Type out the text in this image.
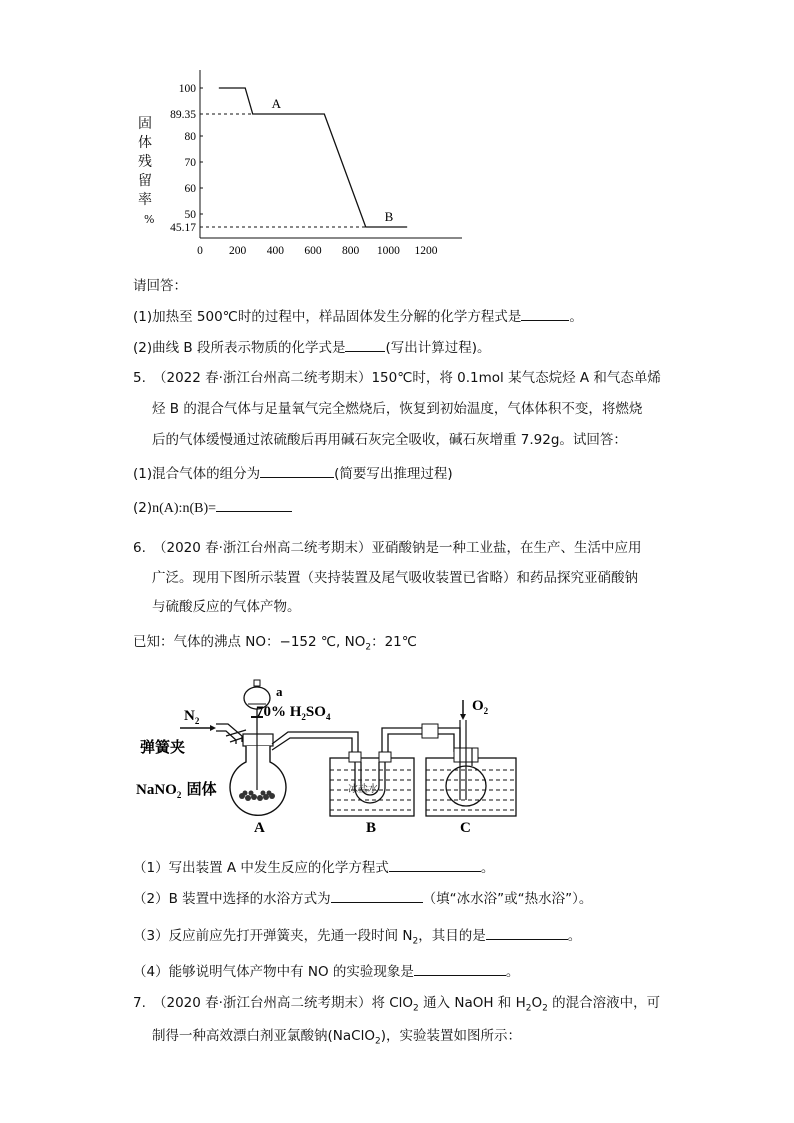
固体残留率%
100
89.35
80
70
60
50
45.17
0 200 400 600 800 1000 1200
A
B
请回答：
(1)加热至 500℃时的过程中，样品固体发生分解的化学方程式是	。
(2)曲线 B 段所表示物质的化学式是	(写出计算过程)。
5. （2022 春·浙江台州高二统考期末）150℃时，将 0.1mol 某气态烷烃 A 和气态单烯
烃 B 的混合气体与足量氧气完全燃烧后，恢复到初始温度，气体体积不变，将燃烧
后的气体缓慢通过浓硫酸后再用碱石灰完全吸收，碱石灰增重 7.92g。试回答：
(1)混合气体的组分为	(简要写出推理过程)
(2)n(A):n(B)=
6. （2020 春·浙江台州高二统考期末）亚硝酸钠是一种工业盐，在生产、生活中应用
广泛。现用下图所示装置（夹持装置及尾气吸收装置已省略）和药品探究亚硝酸钠
与硫酸反应的气体产物。
已知：气体的沸点 NO：−152 ℃, $NO_2$：21℃
$N_2$
弹簧夹
a
70% $H_2SO_4$
NaNO$_2$ 固体
A
冰盐水
B
$O_2$
C
（1）写出装置 A 中发生反应的化学方程式	。
（2）B 装置中选择的水浴方式为	（填“冰水浴”或“热水浴”）。
（3）反应前应先打开弹簧夹，先通一段时间 $N_2$，其目的是	。
（4）能够说明气体产物中有 NO 的实验现象是	。
7. （2020 春·浙江台州高二统考期末）将 ClO$_2$ 通入 NaOH 和 $H_2O_2$ 的混合溶液中，可
制得一种高效漂白剂亚氯酸钠(NaClO$_2$)，实验装置如图所示：
